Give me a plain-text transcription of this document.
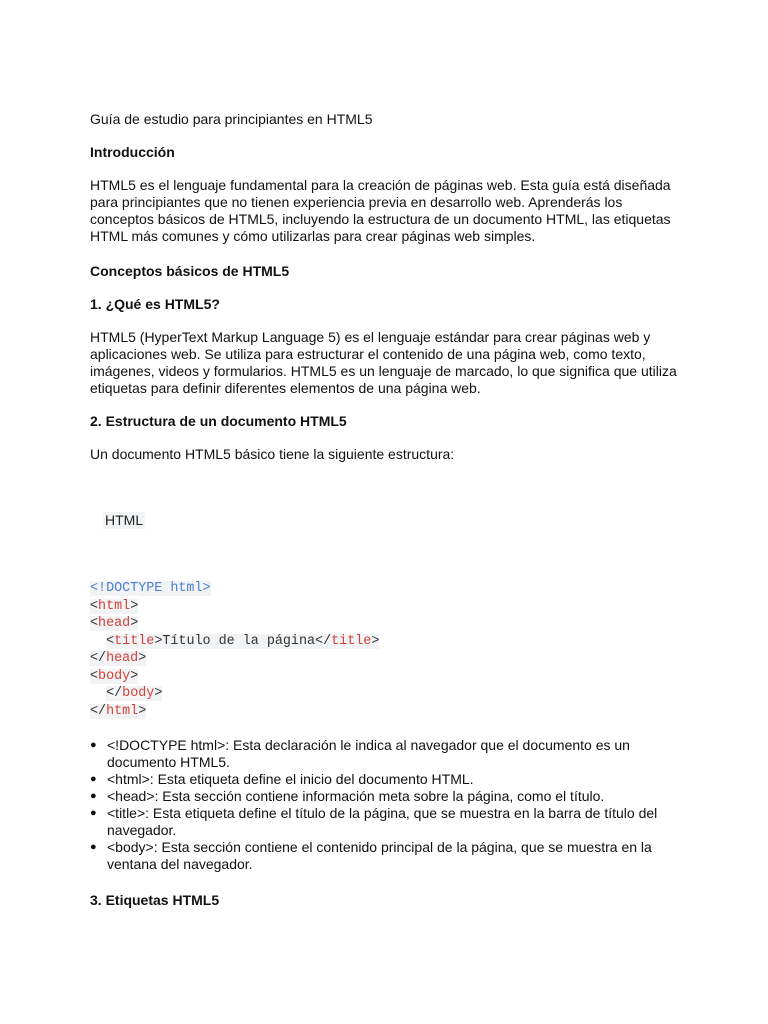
Guía de estudio para principiantes en HTML5
Introducción
HTML5 es el lenguaje fundamental para la creación de páginas web. Esta guía está diseñada para principiantes que no tienen experiencia previa en desarrollo web. Aprenderás los conceptos básicos de HTML5, incluyendo la estructura de un documento HTML, las etiquetas HTML más comunes y cómo utilizarlas para crear páginas web simples.
Conceptos básicos de HTML5
1. ¿Qué es HTML5?
HTML5 (HyperText Markup Language 5) es el lenguaje estándar para crear páginas web y aplicaciones web. Se utiliza para estructurar el contenido de una página web, como texto, imágenes, videos y formularios. HTML5 es un lenguaje de marcado, lo que significa que utiliza etiquetas para definir diferentes elementos de una página web.
2. Estructura de un documento HTML5
Un documento HTML5 básico tiene la siguiente estructura:
HTML
<!DOCTYPE html>
<html>
<head>
<title>Título de la página</title>
</head>
<body>
</body>
</html>
● <!DOCTYPE html>: Esta declaración le indica al navegador que el documento es un documento HTML5.
● <html>: Esta etiqueta define el inicio del documento HTML.
● <head>: Esta sección contiene información meta sobre la página, como el título.
● <title>: Esta etiqueta define el título de la página, que se muestra en la barra de título del navegador.
● <body>: Esta sección contiene el contenido principal de la página, que se muestra en la ventana del navegador.
3. Etiquetas HTML5
